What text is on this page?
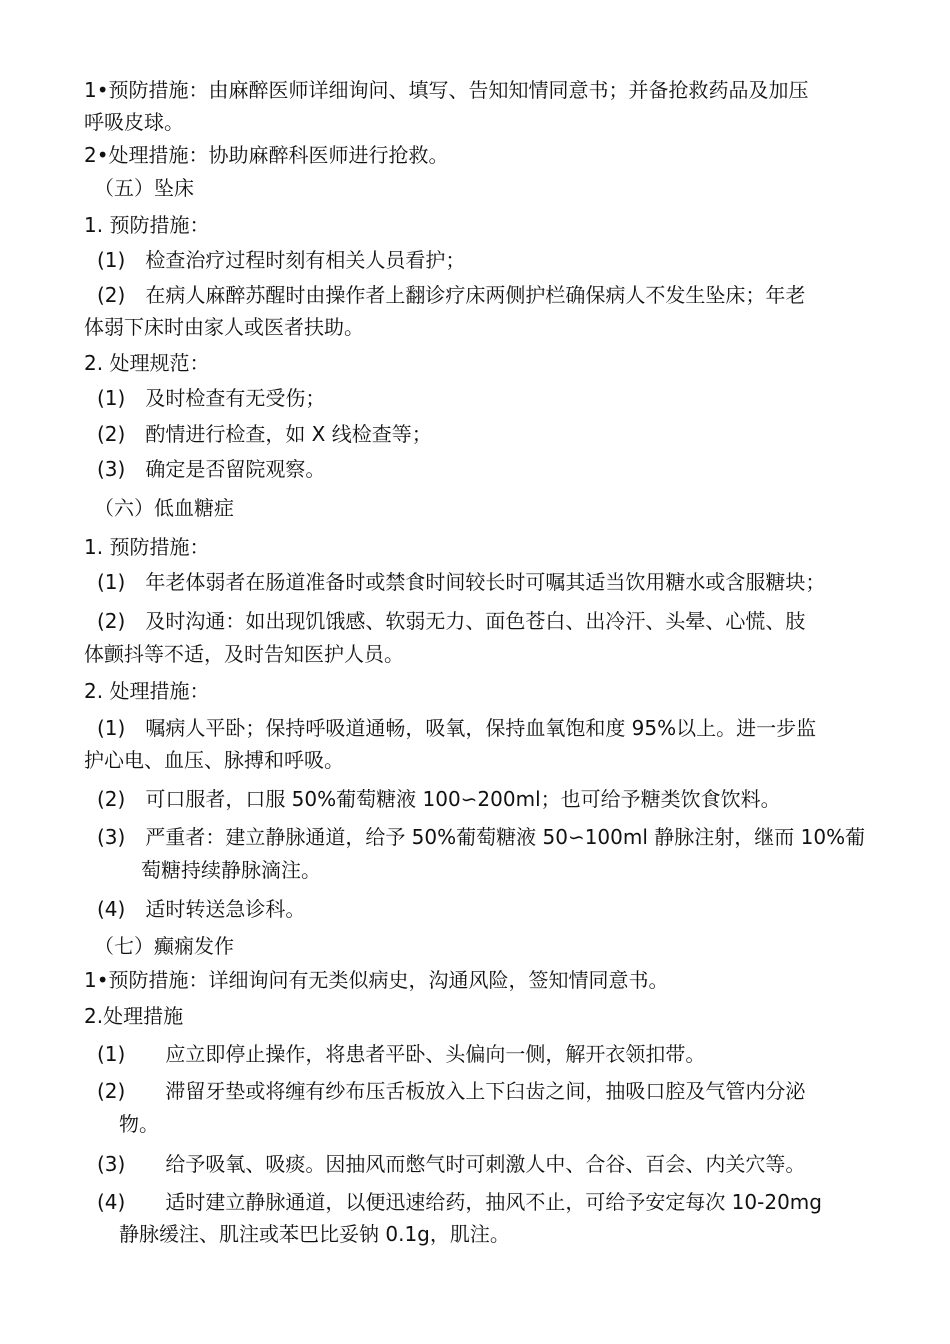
1•预防措施：由麻醉医师详细询问、填写、告知知情同意书；并备抢救药品及加压
呼吸皮球。
2•处理措施：协助麻醉科医师进行抢救。
（五）坠床
1. 预防措施：
(1) 检查治疗过程时刻有相关人员看护；
(2) 在病人麻醉苏醒时由操作者上翻诊疗床两侧护栏确保病人不发生坠床；年老
体弱下床时由家人或医者扶助。
2. 处理规范：
(1) 及时检查有无受伤；
(2) 酌情进行检查，如 X 线检查等；
(3) 确定是否留院观察。
（六）低血糖症
1. 预防措施：
(1) 年老体弱者在肠道准备时或禁食时间较长时可嘱其适当饮用糖水或含服糖块；
(2) 及时沟通：如出现饥饿感、软弱无力、面色苍白、出冷汗、头晕、心慌、肢
体颤抖等不适，及时告知医护人员。
2. 处理措施：
(1) 嘱病人平卧；保持呼吸道通畅，吸氧，保持血氧饱和度 95%以上。进一步监
护心电、血压、脉搏和呼吸。
(2) 可口服者，口服 50%葡萄糖液 100∽200ml；也可给予糖类饮食饮料。
(3) 严重者：建立静脉通道，给予 50%葡萄糖液 50∽100ml 静脉注射，继而 10%葡
萄糖持续静脉滴注。
(4) 适时转送急诊科。
（七）癫痫发作
1•预防措施：详细询问有无类似病史，沟通风险，签知情同意书。
2.处理措施
(1)  应立即停止操作，将患者平卧、头偏向一侧，解开衣领扣带。
(2)  滞留牙垫或将缠有纱布压舌板放入上下臼齿之间，抽吸口腔及气管内分泌
物。
(3)  给予吸氧、吸痰。因抽风而憋气时可刺激人中、合谷、百会、内关穴等。
(4)  适时建立静脉通道，以便迅速给药，抽风不止，可给予安定每次 10-20mg
静脉缓注、肌注或苯巴比妥钠 0.1g，肌注。
